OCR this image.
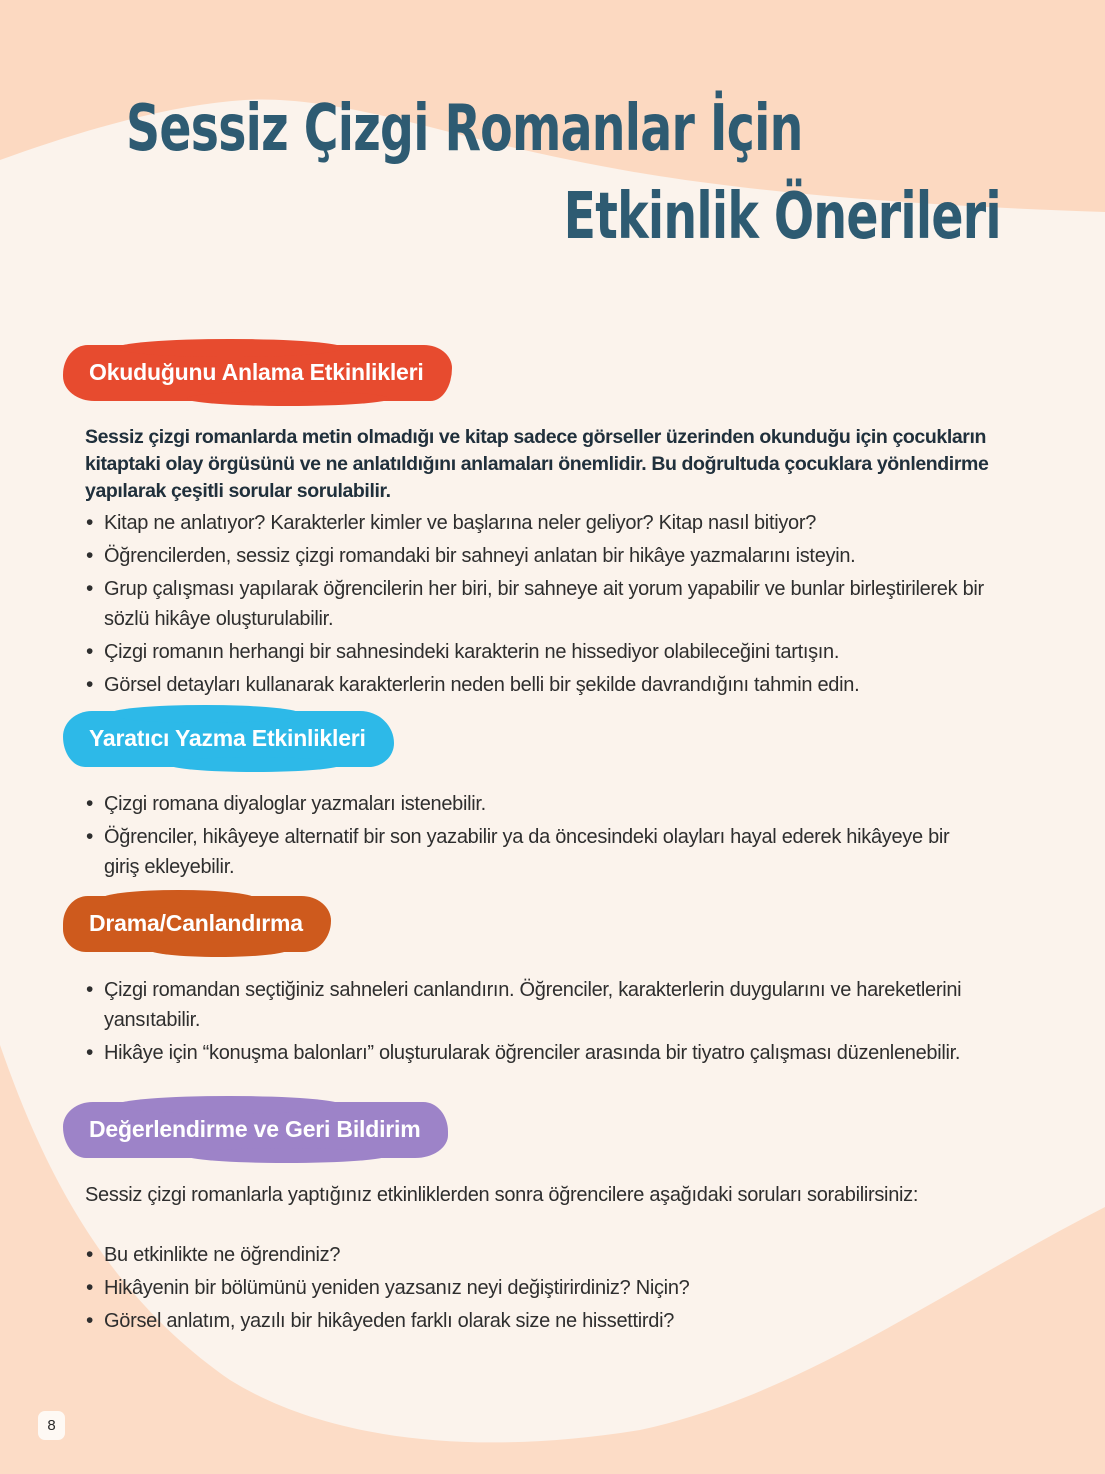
Sessiz Çizgi Romanlar İçin
Etkinlik Önerileri
Okuduğunu Anlama Etkinlikleri

Sessiz çizgi romanlarda metin olmadığı ve kitap sadece görseller üzerinden okunduğu için çocukların kitaptaki olay örgüsünü ve ne anlatıldığını anlamaları önemlidir. Bu doğrultuda çocuklara yönlendirme yapılarak çeşitli sorular sorulabilir.

• Kitap ne anlatıyor? Karakterler kimler ve başlarına neler geliyor? Kitap nasıl bitiyor?
• Öğrencilerden, sessiz çizgi romandaki bir sahneyi anlatan bir hikâye yazmalarını isteyin.
• Grup çalışması yapılarak öğrencilerin her biri, bir sahneye ait yorum yapabilir ve bunlar birleştirilerek bir sözlü hikâye oluşturulabilir.
• Çizgi romanın herhangi bir sahnesindeki karakterin ne hissediyor olabileceğini tartışın.
• Görsel detayları kullanarak karakterlerin neden belli bir şekilde davrandığını tahmin edin.
Yaratıcı Yazma Etkinlikleri
• Çizgi romana diyaloglar yazmaları istenebilir.
• Öğrenciler, hikâyeye alternatif bir son yazabilir ya da öncesindeki olayları hayal ederek hikâyeye bir giriş ekleyebilir.
Drama/Canlandırma
• Çizgi romandan seçtiğiniz sahneleri canlandırın. Öğrenciler, karakterlerin duygularını ve hareketlerini yansıtabilir.
• Hikâye için “konuşma balonları” oluşturularak öğrenciler arasında bir tiyatro çalışması düzenlenebilir.
Değerlendirme ve Geri Bildirim

Sessiz çizgi romanlarla yaptığınız etkinliklerden sonra öğrencilere aşağıdaki soruları sorabilirsiniz:

• Bu etkinlikte ne öğrendiniz?
• Hikâyenin bir bölümünü yeniden yazsanız neyi değiştirirdiniz? Niçin?
• Görsel anlatım, yazılı bir hikâyeden farklı olarak size ne hissettirdi?
8
